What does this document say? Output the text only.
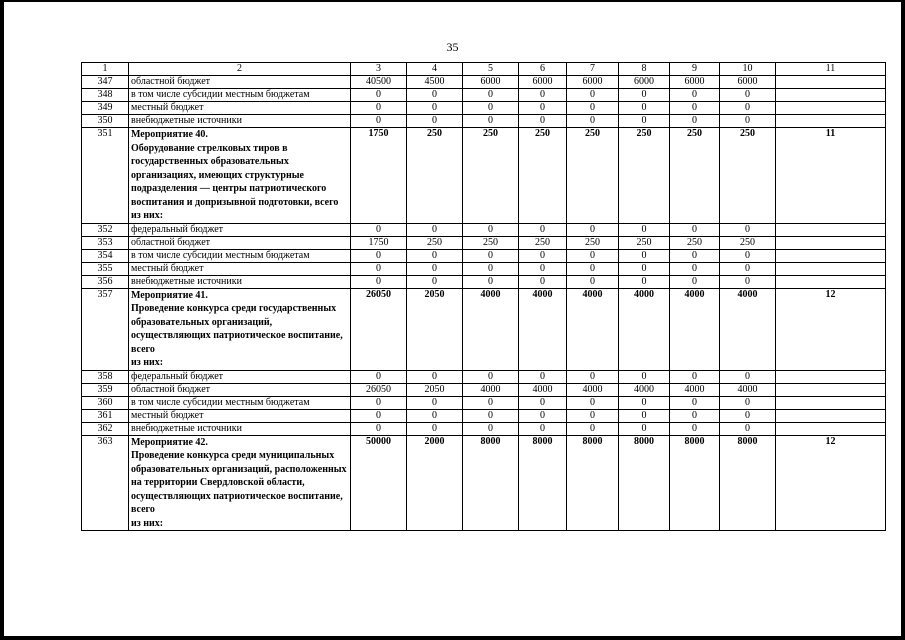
35
1	2	3	4	5	6	7	8	9	10	11
347	областной бюджет	40500	4500	6000	6000	6000	6000	6000	6000	
348	в том числе субсидии местным бюджетам	0	0	0	0	0	0	0	0	
349	местный бюджет	0	0	0	0	0	0	0	0	
350	внебюджетные источники	0	0	0	0	0	0	0	0	
351	Мероприятие 40.
Оборудование стрелковых тиров в государственных образовательных организациях, имеющих структурные подразделения — центры патриотического воспитания и допризывной подготовки, всего
из них:	1750	250	250	250	250	250	250	250	11
352	федеральный бюджет	0	0	0	0	0	0	0	0	
353	областной бюджет	1750	250	250	250	250	250	250	250	
354	в том числе субсидии местным бюджетам	0	0	0	0	0	0	0	0	
355	местный бюджет	0	0	0	0	0	0	0	0	
356	внебюджетные источники	0	0	0	0	0	0	0	0	
357	Мероприятие 41.
Проведение конкурса среди государственных образовательных организаций, осуществляющих патриотическое воспитание, всего
из них:	26050	2050	4000	4000	4000	4000	4000	4000	12
358	федеральный бюджет	0	0	0	0	0	0	0	0	
359	областной бюджет	26050	2050	4000	4000	4000	4000	4000	4000	
360	в том числе субсидии местным бюджетам	0	0	0	0	0	0	0	0	
361	местный бюджет	0	0	0	0	0	0	0	0	
362	внебюджетные источники	0	0	0	0	0	0	0	0	
363	Мероприятие 42.
Проведение конкурса среди муниципальных образовательных организаций, расположенных на территории Свердловской области, осуществляющих патриотическое воспитание, всего
из них:	50000	2000	8000	8000	8000	8000	8000	8000	12
